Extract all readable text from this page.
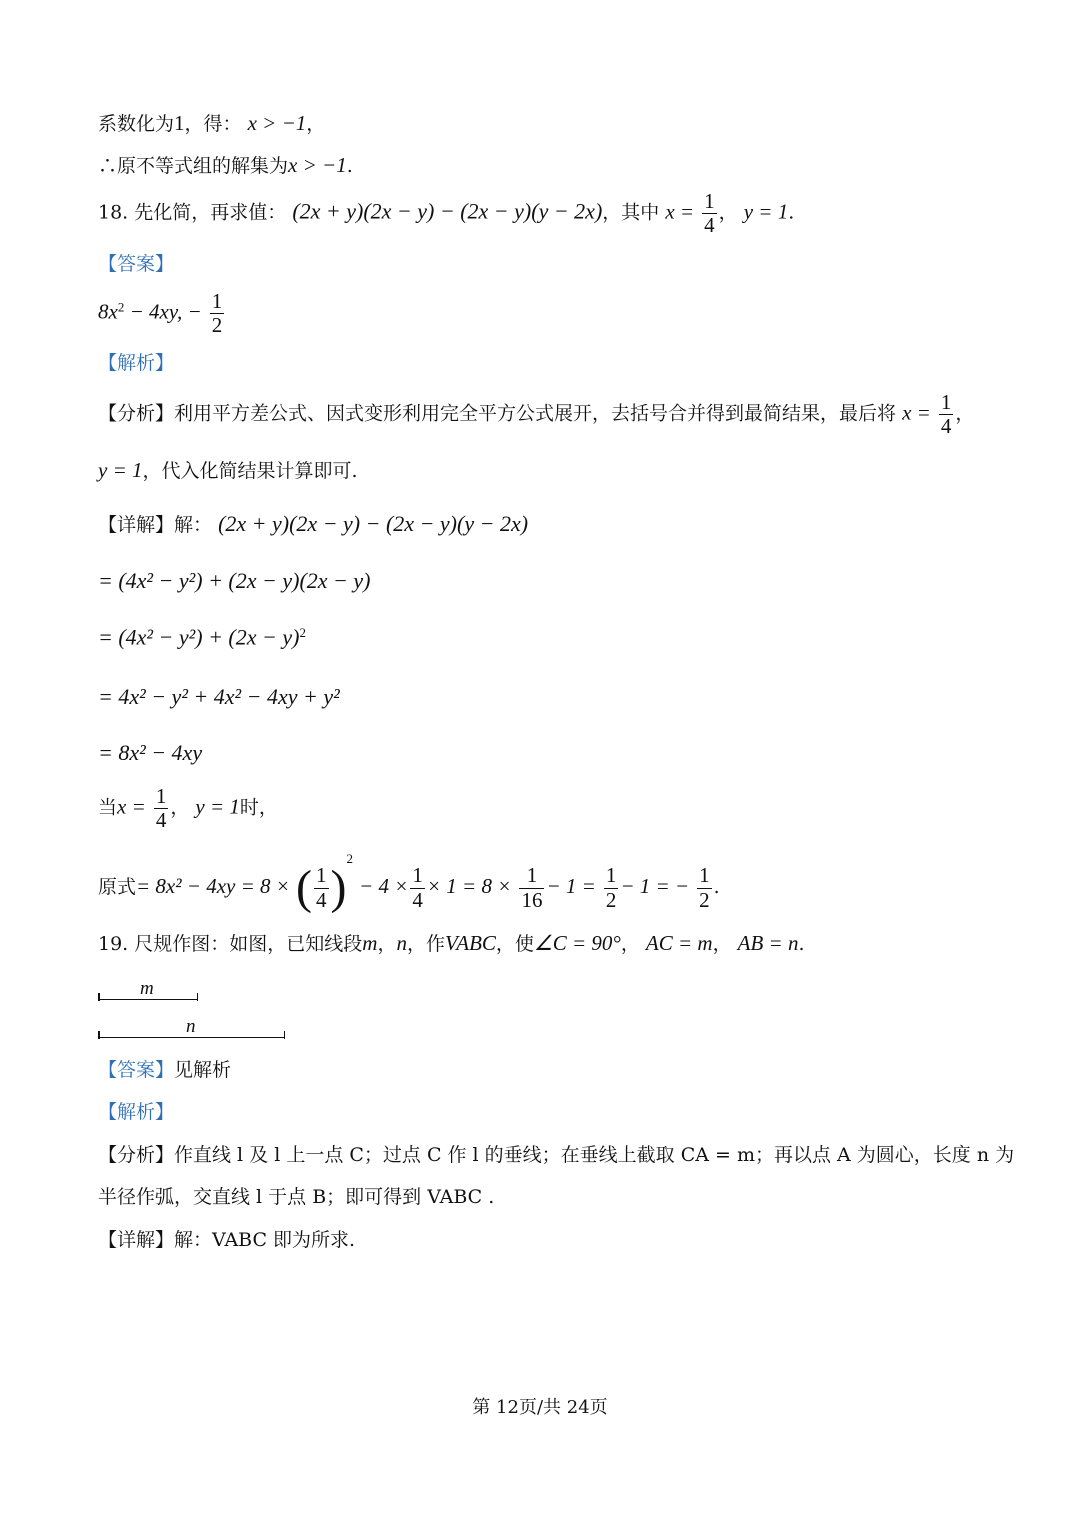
系数化为1，得： x > −1，
∴原不等式组的解集为x > −1.
18. 先化简，再求值： (2x + y)(2x − y) − (2x − y)(y − 2x)，其中 $x = \frac{1}{4}$ ， y = 1.
【答案】
$8x^2 - 4xy$, − $\frac{1}{2}$
【解析】
【分析】利用平方差公式、因式变形利用完全平方公式展开，去括号合并得到最简结果，最后将 $x = \frac{1}{4}$ ，
y = 1，代入化简结果计算即可.
【详解】解： (2x + y)(2x − y) − (2x − y)(y − 2x)
= (4x² − y²) + (2x − y)(2x − y)
= $(4x^2 - y^2) + (2x - y)^2$
= 4x² − y² + 4x² − 4xy + y²
= 8x² − 4xy
当$x = \frac{1}{4}$ ， y = 1时，
原式= 8x² − 4xy = 8 × ( $\frac{1}{4} )^2 - 4 \times \frac{1}{4} \times 1 = 8 \times \frac{1}{16} - 1 = \frac{1}{2} - 1$ = − $\frac{1}{2}$ .
19. 尺规作图：如图，已知线段m，n，作VABC，使∠C = 90°， AC = m， AB = n.
m
n
【答案】见解析
【解析】
【分析】作直线 l 及 l 上一点 C；过点 C 作 l 的垂线；在垂线上截取 CA = m；再以点 A 为圆心，长度 n 为
半径作弧，交直线 l 于点 B；即可得到 VABC .
【详解】解：VABC 即为所求.
第 12页/共 24页
